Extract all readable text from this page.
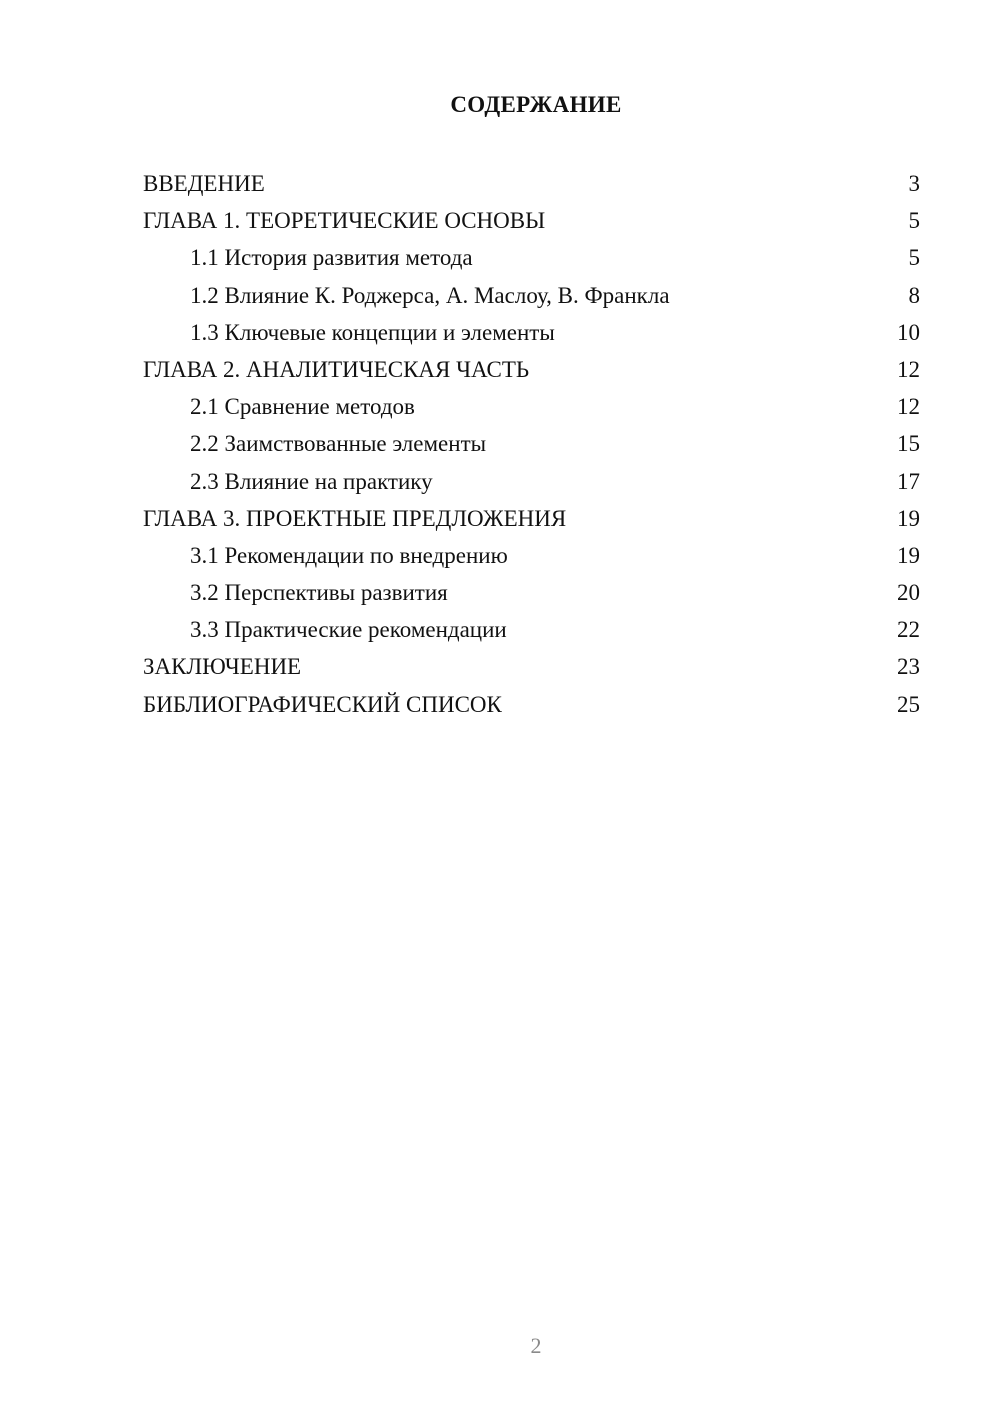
СОДЕРЖАНИЕ
ВВЕДЕНИЕ	3
ГЛАВА 1. ТЕОРЕТИЧЕСКИЕ ОСНОВЫ	5
1.1 История развития метода	5
1.2 Влияние К. Роджерса, А. Маслоу, В. Франкла	8
1.3 Ключевые концепции и элементы	10
ГЛАВА 2. АНАЛИТИЧЕСКАЯ ЧАСТЬ	12
2.1 Сравнение методов	12
2.2 Заимствованные элементы	15
2.3 Влияние на практику	17
ГЛАВА 3. ПРОЕКТНЫЕ ПРЕДЛОЖЕНИЯ	19
3.1 Рекомендации по внедрению	19
3.2 Перспективы развития	20
3.3 Практические рекомендации	22
ЗАКЛЮЧЕНИЕ	23
БИБЛИОГРАФИЧЕСКИЙ СПИСОК	25
2
